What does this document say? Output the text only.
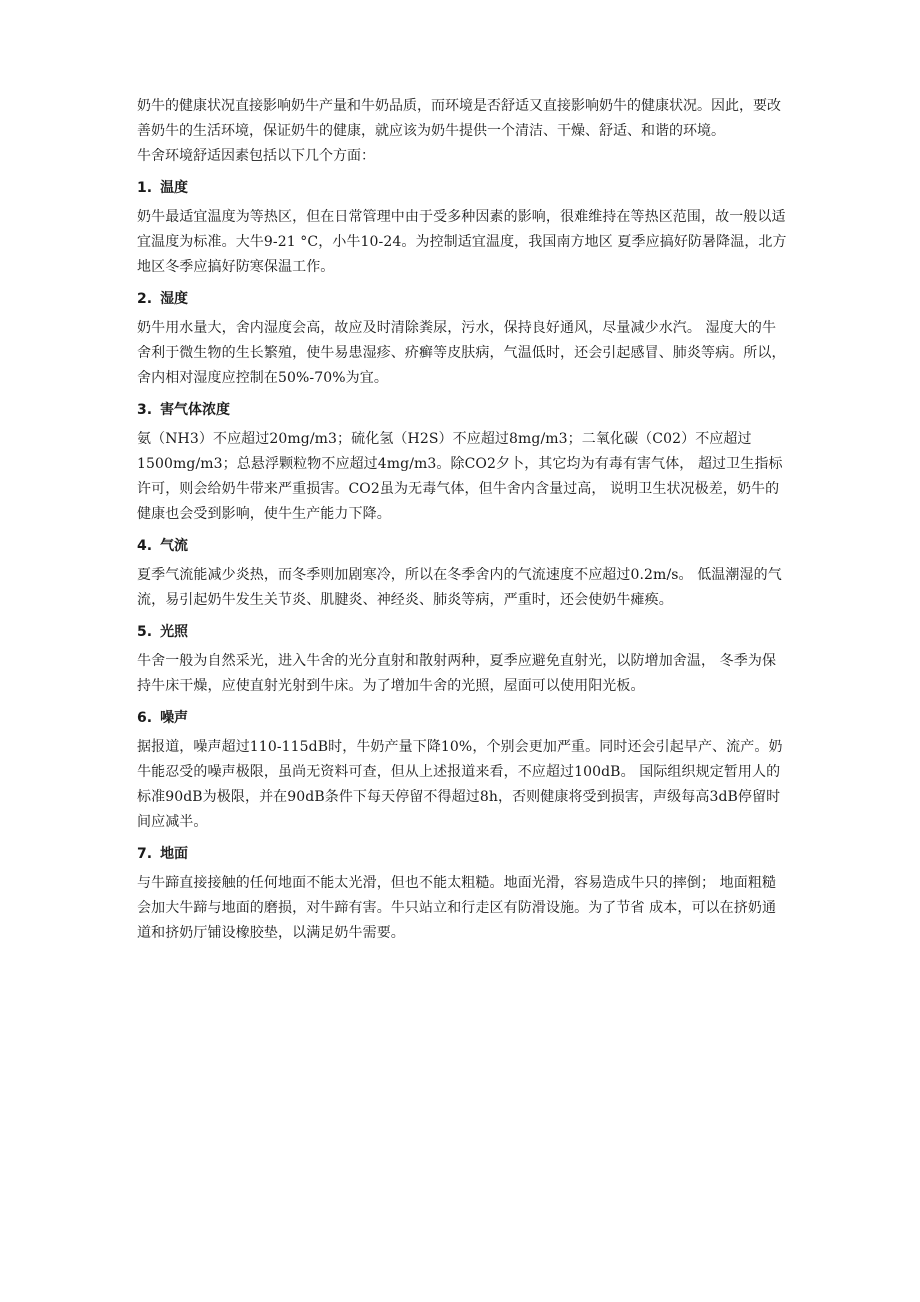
奶牛的健康状况直接影响奶牛产量和牛奶品质，而环境是否舒适又直接影响奶牛的健康状况。因此，要改善奶牛的生活环境，保证奶牛的健康，就应该为奶牛提供一个清洁、干燥、舒适、和谐的环境。

牛舍环境舒适因素包括以下几个方面：

1. 温度

奶牛最适宜温度为等热区，但在日常管理中由于受多种因素的影响，很难维持在等热区范围，故一般以适宜温度为标准。大牛9-21 °C，小牛10-24。为控制适宜温度，我国南方地区 夏季应搞好防暑降温，北方地区冬季应搞好防寒保温工作。

2. 湿度

奶牛用水量大，舍内湿度会高，故应及时清除粪尿，污水，保持良好通风，尽量减少水汽。 湿度大的牛舍利于微生物的生长繁殖，使牛易患湿疹、疥癣等皮肤病，气温低时，还会引起感冒、肺炎等病。所以，舍内相对湿度应控制在50%-70%为宜。

3. 害气体浓度

氨（NH3）不应超过20mg/m3；硫化氢（H2S）不应超过8mg/m3；二氧化碳（C02）不应超过1500mg/m3；总悬浮颗粒物不应超过4mg/m3。除CO2夕卜，其它均为有毒有害气体， 超过卫生指标许可，则会给奶牛带来严重损害。CO2虽为无毒气体，但牛舍内含量过高， 说明卫生状况极差，奶牛的健康也会受到影响，使牛生产能力下降。

4. 气流

夏季气流能减少炎热，而冬季则加剧寒冷，所以在冬季舍内的气流速度不应超过0.2m/s。 低温潮湿的气流，易引起奶牛发生关节炎、肌腱炎、神经炎、肺炎等病，严重时，还会使奶牛瘫痪。

5. 光照

牛舍一般为自然采光，进入牛舍的光分直射和散射两种，夏季应避免直射光，以防增加舍温， 冬季为保持牛床干燥，应使直射光射到牛床。为了增加牛舍的光照，屋面可以使用阳光板。

6. 噪声

据报道，噪声超过110-115dB时，牛奶产量下降10%，个别会更加严重。同时还会引起早产、流产。奶牛能忍受的噪声极限，虽尚无资料可查，但从上述报道来看，不应超过100dB。 国际组织规定暂用人的标准90dB为极限，并在90dB条件下每天停留不得超过8h，否则健康将受到损害，声级每高3dB停留时间应减半。

7. 地面

与牛蹄直接接触的任何地面不能太光滑，但也不能太粗糙。地面光滑，容易造成牛只的摔倒； 地面粗糙会加大牛蹄与地面的磨损，对牛蹄有害。牛只站立和行走区有防滑设施。为了节省 成本，可以在挤奶通道和挤奶厅铺设橡胶垫，以满足奶牛需要。
